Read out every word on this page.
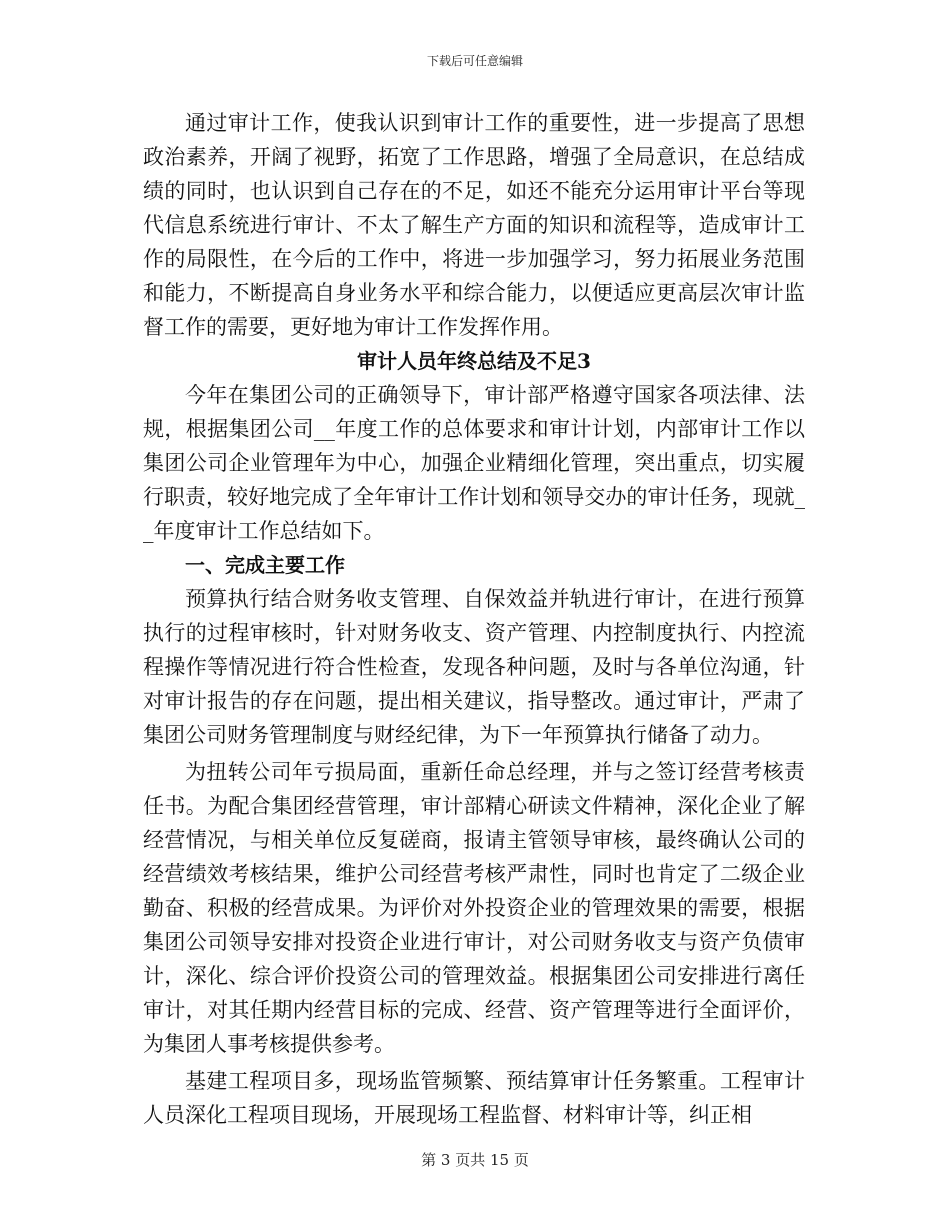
下载后可任意编辑

通过审计工作，使我认识到审计工作的重要性，进一步提高了思想政治素养，开阔了视野，拓宽了工作思路，增强了全局意识，在总结成绩的同时，也认识到自己存在的不足，如还不能充分运用审计平台等现代信息系统进行审计、不太了解生产方面的知识和流程等，造成审计工作的局限性，在今后的工作中，将进一步加强学习，努力拓展业务范围和能力，不断提高自身业务水平和综合能力，以便适应更高层次审计监督工作的需要，更好地为审计工作发挥作用。

审计人员年终总结及不足3

今年在集团公司的正确领导下，审计部严格遵守国家各项法律、法规，根据集团公司__年度工作的总体要求和审计计划，内部审计工作以集团公司企业管理年为中心，加强企业精细化管理，突出重点，切实履行职责，较好地完成了全年审计工作计划和领导交办的审计任务，现就__年度审计工作总结如下。

一、完成主要工作

预算执行结合财务收支管理、自保效益并轨进行审计，在进行预算执行的过程审核时，针对财务收支、资产管理、内控制度执行、内控流程操作等情况进行符合性检查，发现各种问题，及时与各单位沟通，针对审计报告的存在问题，提出相关建议，指导整改。通过审计，严肃了集团公司财务管理制度与财经纪律，为下一年预算执行储备了动力。

为扭转公司年亏损局面，重新任命总经理，并与之签订经营考核责任书。为配合集团经营管理，审计部精心研读文件精神，深化企业了解经营情况，与相关单位反复磋商，报请主管领导审核，最终确认公司的经营绩效考核结果，维护公司经营考核严肃性，同时也肯定了二级企业勤奋、积极的经营成果。为评价对外投资企业的管理效果的需要，根据集团公司领导安排对投资企业进行审计，对公司财务收支与资产负债审计，深化、综合评价投资公司的管理效益。根据集团公司安排进行离任审计，对其任期内经营目标的完成、经营、资产管理等进行全面评价，为集团人事考核提供参考。

基建工程项目多，现场监管频繁、预结算审计任务繁重。工程审计人员深化工程项目现场，开展现场工程监督、材料审计等，纠正相

第 3 页共 15 页
